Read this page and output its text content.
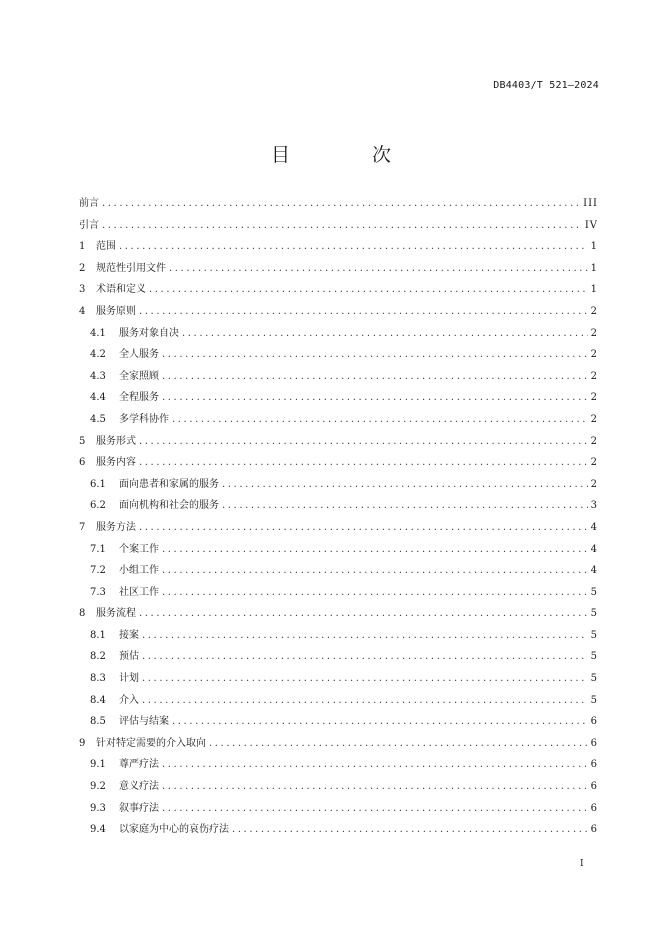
DB4403/T 521—2024
目 次
前言 .....	III
引言 .....	IV
1	范围 .....	1
2	规范性引用文件 .....	1
3	术语和定义 .....	1
4	服务原则 .....	2
4.1	服务对象自决 .....	2
4.2	全人服务 .....	2
4.3	全家照顾 .....	2
4.4	全程服务 .....	2
4.5	多学科协作 .....	2
5	服务形式 .....	2
6	服务内容 .....	2
6.1	面向患者和家属的服务 .....	2
6.2	面向机构和社会的服务 .....	3
7	服务方法 .....	4
7.1	个案工作 .....	4
7.2	小组工作 .....	4
7.3	社区工作 .....	5
8	服务流程 .....	5
8.1	接案 .....	5
8.2	预估 .....	5
8.3	计划 .....	5
8.4	介入 .....	5
8.5	评估与结案 .....	6
9	针对特定需要的介入取向 .....	6
9.1	尊严疗法 .....	6
9.2	意义疗法 .....	6
9.3	叙事疗法 .....	6
9.4	以家庭为中心的哀伤疗法 .....	6
I
